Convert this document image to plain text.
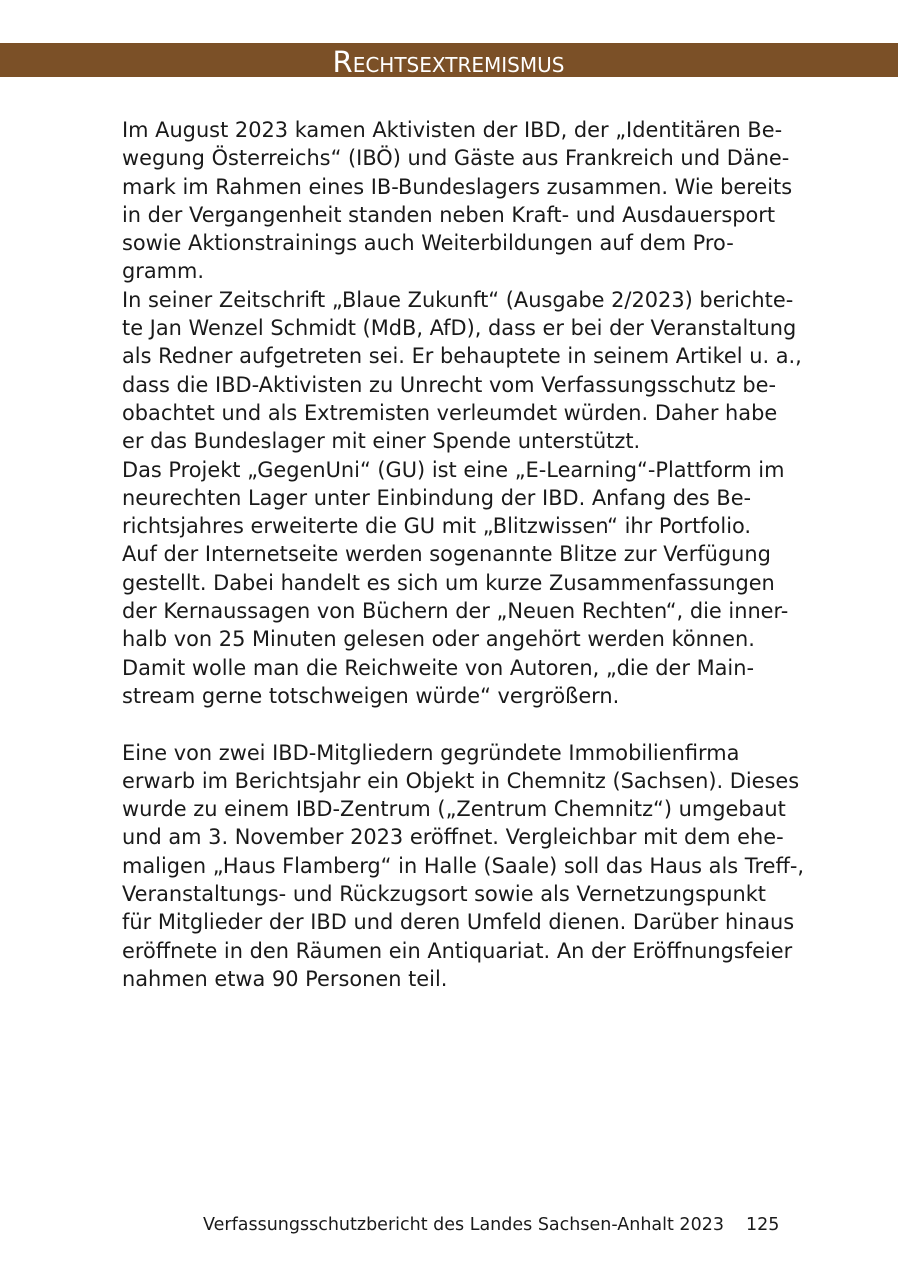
Rechtsextremismus
Im August 2023 kamen Aktivisten der IBD, der „Identitären Be-
wegung Österreichs“ (IBÖ) und Gäste aus Frankreich und Däne-
mark im Rahmen eines IB-Bundeslagers zusammen. Wie bereits
in der Vergangenheit standen neben Kraft- und Ausdauersport
sowie Aktionstrainings auch Weiterbildungen auf dem Pro-
gramm.
In seiner Zeitschrift „Blaue Zukunft“ (Ausgabe 2/2023) berichte-
te Jan Wenzel Schmidt (MdB, AfD), dass er bei der Veranstaltung
als Redner aufgetreten sei. Er behauptete in seinem Artikel u. a.,
dass die IBD-Aktivisten zu Unrecht vom Verfassungsschutz be-
obachtet und als Extremisten verleumdet würden. Daher habe
er das Bundeslager mit einer Spende unterstützt.
Das Projekt „GegenUni“ (GU) ist eine „E-Learning“-Plattform im
neurechten Lager unter Einbindung der IBD. Anfang des Be-
richtsjahres erweiterte die GU mit „Blitzwissen“ ihr Portfolio.
Auf der Internetseite werden sogenannte Blitze zur Verfügung
gestellt. Dabei handelt es sich um kurze Zusammenfassungen
der Kernaussagen von Büchern der „Neuen Rechten“, die inner-
halb von 25 Minuten gelesen oder angehört werden können.
Damit wolle man die Reichweite von Autoren, „die der Main-
stream gerne totschweigen würde“ vergrößern.
Eine von zwei IBD-Mitgliedern gegründete Immobilienfirma
erwarb im Berichtsjahr ein Objekt in Chemnitz (Sachsen). Dieses
wurde zu einem IBD-Zentrum („Zentrum Chemnitz“) umgebaut
und am 3. November 2023 eröffnet. Vergleichbar mit dem ehe-
maligen „Haus Flamberg“ in Halle (Saale) soll das Haus als Treff-,
Veranstaltungs- und Rückzugsort sowie als Vernetzungspunkt
für Mitglieder der IBD und deren Umfeld dienen. Darüber hinaus
eröffnete in den Räumen ein Antiquariat. An der Eröffnungsfeier
nahmen etwa 90 Personen teil.
Verfassungsschutzbericht des Landes Sachsen-Anhalt 2023 125
